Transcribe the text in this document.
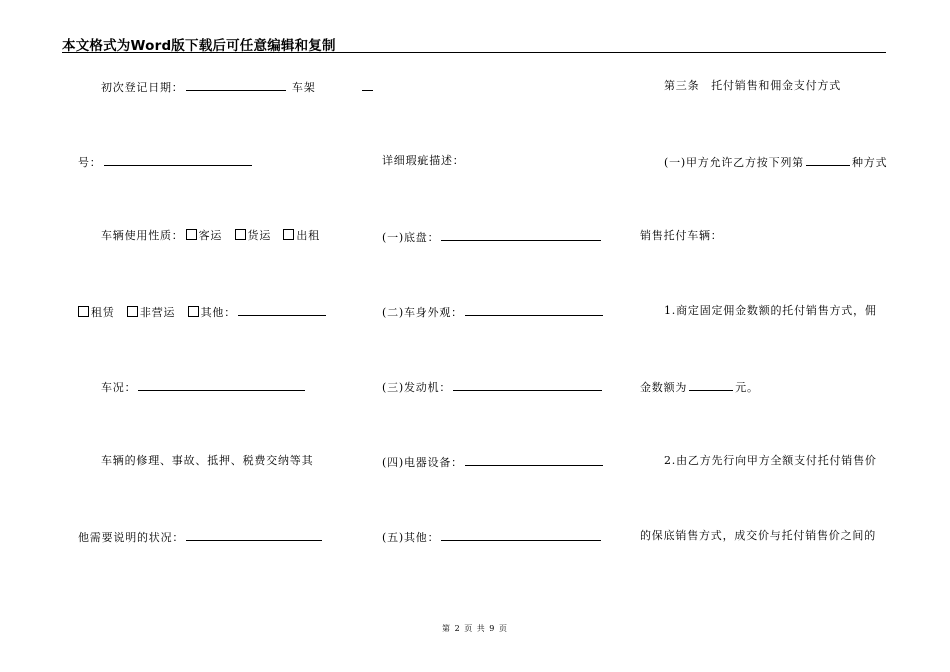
本文格式为Word版下载后可任意编辑和复制
初次登记日期：	车架
号：
车辆使用性质： 客运 货运 出租
租赁 非营运 其他：
车况：
车辆的修理、事故、抵押、税费交纳等其
他需要说明的状况：
详细瑕疵描述：
(一)底盘：
(二)车身外观：
(三)发动机：
(四)电器设备：
(五)其他：
第三条　托付销售和佣金支付方式
(一)甲方允许乙方按下列第	种方式
销售托付车辆：
1.商定固定佣金数额的托付销售方式，佣
金数额为	元。
2.由乙方先行向甲方全额支付托付销售价
的保底销售方式，成交价与托付销售价之间的
第 2 页 共 9 页
